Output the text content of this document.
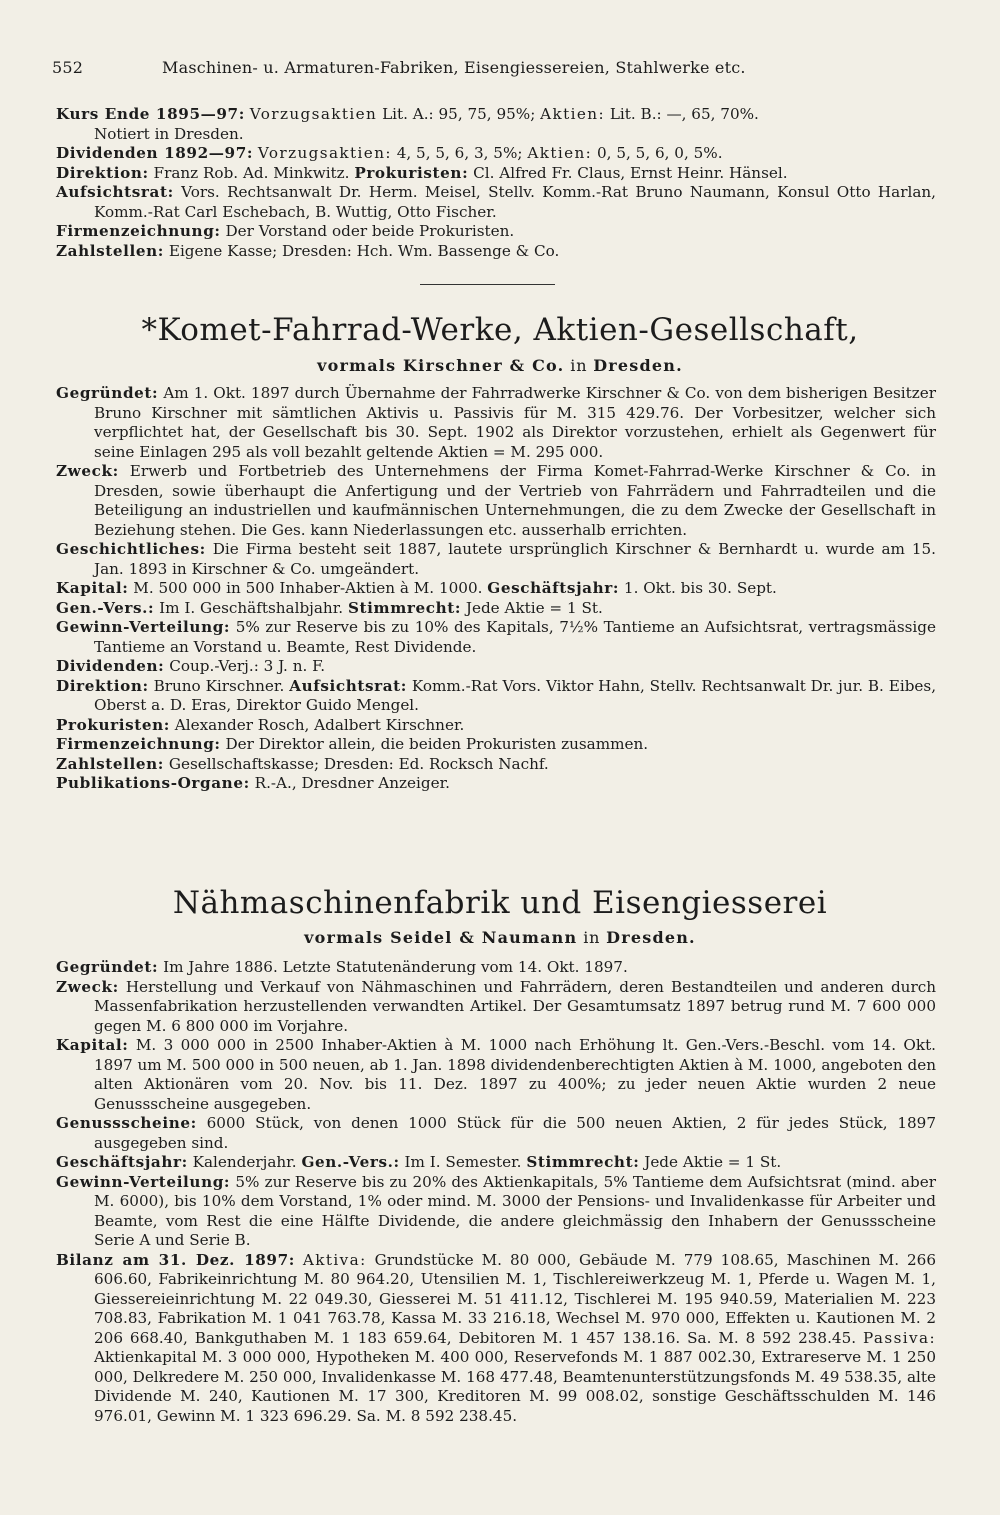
552	Maschinen- u. Armaturen-Fabriken, Eisengiessereien, Stahlwerke etc.

Kurs Ende 1895—97: Vorzugsaktien Lit. A.: 95, 75, 95%; Aktien: Lit. B.: —, 65, 70%.
Notiert in Dresden.

Dividenden 1892—97: Vorzugsaktien: 4, 5, 5, 6, 3, 5%; Aktien: 0, 5, 5, 6, 0, 5%.

Direktion: Franz Rob. Ad. Minkwitz. Prokuristen: Cl. Alfred Fr. Claus, Ernst Heinr. Hänsel.

Aufsichtsrat: Vors. Rechtsanwalt Dr. Herm. Meisel, Stellv. Komm.-Rat Bruno Naumann, Konsul Otto Harlan, Komm.-Rat Carl Eschebach, B. Wuttig, Otto Fischer.

Firmenzeichnung: Der Vorstand oder beide Prokuristen.

Zahlstellen: Eigene Kasse; Dresden: Hch. Wm. Bassenge & Co.

*Komet-Fahrrad-Werke, Aktien-Gesellschaft,
vormals Kirschner & Co. in Dresden.

Gegründet: Am 1. Okt. 1897 durch Übernahme der Fahrradwerke Kirschner & Co. von dem bisherigen Besitzer Bruno Kirschner mit sämtlichen Aktivis u. Passivis für M. 315 429.76. Der Vorbesitzer, welcher sich verpflichtet hat, der Gesellschaft bis 30. Sept. 1902 als Direktor vorzustehen, erhielt als Gegenwert für seine Einlagen 295 als voll bezahlt geltende Aktien = M. 295 000.

Zweck: Erwerb und Fortbetrieb des Unternehmens der Firma Komet-Fahrrad-Werke Kirschner & Co. in Dresden, sowie überhaupt die Anfertigung und der Vertrieb von Fahrrädern und Fahrradteilen und die Beteiligung an industriellen und kaufmännischen Unternehmungen, die zu dem Zwecke der Gesellschaft in Beziehung stehen. Die Ges. kann Niederlassungen etc. ausserhalb errichten.

Geschichtliches: Die Firma besteht seit 1887, lautete ursprünglich Kirschner & Bernhardt u. wurde am 15. Jan. 1893 in Kirschner & Co. umgeändert.

Kapital: M. 500 000 in 500 Inhaber-Aktien à M. 1000. Geschäftsjahr: 1. Okt. bis 30. Sept.

Gen.-Vers.: Im I. Geschäftshalbjahr. Stimmrecht: Jede Aktie = 1 St.

Gewinn-Verteilung: 5% zur Reserve bis zu 10% des Kapitals, 7½% Tantieme an Aufsichtsrat, vertragsmässige Tantieme an Vorstand u. Beamte, Rest Dividende.

Dividenden: Coup.-Verj.: 3 J. n. F.

Direktion: Bruno Kirschner. Aufsichtsrat: Komm.-Rat Vors. Viktor Hahn, Stellv. Rechtsanwalt Dr. jur. B. Eibes, Oberst a. D. Eras, Direktor Guido Mengel.

Prokuristen: Alexander Rosch, Adalbert Kirschner.

Firmenzeichnung: Der Direktor allein, die beiden Prokuristen zusammen.

Zahlstellen: Gesellschaftskasse; Dresden: Ed. Rocksch Nachf.

Publikations-Organe: R.-A., Dresdner Anzeiger.

Nähmaschinenfabrik und Eisengiesserei
vormals Seidel & Naumann in Dresden.

Gegründet: Im Jahre 1886. Letzte Statutenänderung vom 14. Okt. 1897.

Zweck: Herstellung und Verkauf von Nähmaschinen und Fahrrädern, deren Bestandteilen und anderen durch Massenfabrikation herzustellenden verwandten Artikel. Der Gesamtumsatz 1897 betrug rund M. 7 600 000 gegen M. 6 800 000 im Vorjahre.

Kapital: M. 3 000 000 in 2500 Inhaber-Aktien à M. 1000 nach Erhöhung lt. Gen.-Vers.-Beschl. vom 14. Okt. 1897 um M. 500 000 in 500 neuen, ab 1. Jan. 1898 dividendenberechtigten Aktien à M. 1000, angeboten den alten Aktionären vom 20. Nov. bis 11. Dez. 1897 zu 400%; zu jeder neuen Aktie wurden 2 neue Genussscheine ausgegeben.

Genussscheine: 6000 Stück, von denen 1000 Stück für die 500 neuen Aktien, 2 für jedes Stück, 1897 ausgegeben sind.

Geschäftsjahr: Kalenderjahr. Gen.-Vers.: Im I. Semester. Stimmrecht: Jede Aktie = 1 St.

Gewinn-Verteilung: 5% zur Reserve bis zu 20% des Aktienkapitals, 5% Tantieme dem Aufsichtsrat (mind. aber M. 6000), bis 10% dem Vorstand, 1% oder mind. M. 3000 der Pensions- und Invalidenkasse für Arbeiter und Beamte, vom Rest die eine Hälfte Dividende, die andere gleichmässig den Inhabern der Genussscheine Serie A und Serie B.

Bilanz am 31. Dez. 1897: Aktiva: Grundstücke M. 80 000, Gebäude M. 779 108.65, Maschinen M. 266 606.60, Fabrikeinrichtung M. 80 964.20, Utensilien M. 1, Tischlereiwerkzeug M. 1, Pferde u. Wagen M. 1, Giessereieinrichtung M. 22 049.30, Giesserei M. 51 411.12, Tischlerei M. 195 940.59, Materialien M. 223 708.83, Fabrikation M. 1 041 763.78, Kassa M. 33 216.18, Wechsel M. 970 000, Effekten u. Kautionen M. 2 206 668.40, Bankguthaben M. 1 183 659.64, Debitoren M. 1 457 138.16. Sa. M. 8 592 238.45. Passiva: Aktienkapital M. 3 000 000, Hypotheken M. 400 000, Reservefonds M. 1 887 002.30, Extrareserve M. 1 250 000, Delkredere M. 250 000, Invalidenkasse M. 168 477.48, Beamtenunterstützungsfonds M. 49 538.35, alte Dividende M. 240, Kautionen M. 17 300, Kreditoren M. 99 008.02, sonstige Geschäftsschulden M. 146 976.01, Gewinn M. 1 323 696.29. Sa. M. 8 592 238.45.
